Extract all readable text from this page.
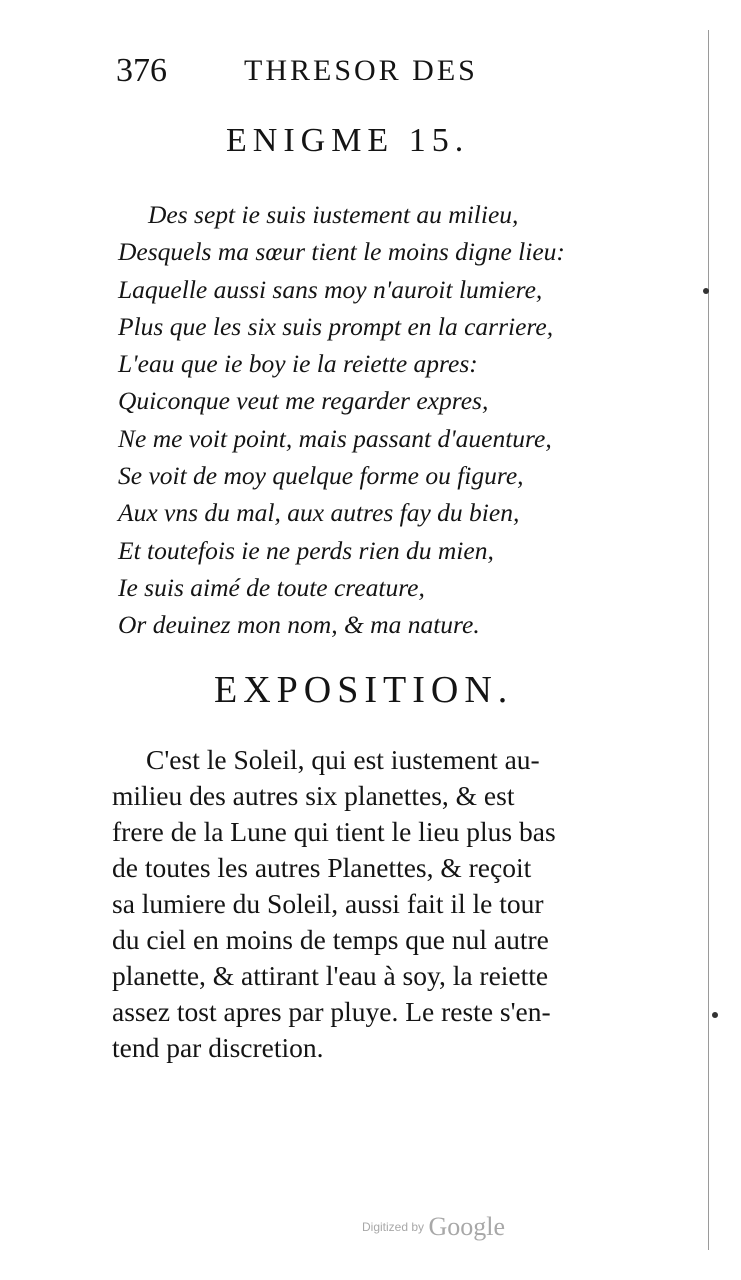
376	THRESOR DES
ENIGME 15.
Des sept ie suis iustement au milieu,
Desquels ma sœur tient le moins digne lieu:
Laquelle aussi sans moy n'auroit lumiere,
Plus que les six suis prompt en la carriere,
L'eau que ie boy ie la reiette apres:
Quiconque veut me regarder expres,
Ne me voit point, mais passant d'auenture,
Se voit de moy quelque forme ou figure,
Aux vns du mal, aux autres fay du bien,
Et toutefois ie ne perds rien du mien,
Ie suis aimé de toute creature,
Or deuinez mon nom, & ma nature.
EXPOSITION.
C'est le Soleil, qui est iustement au-
milieu des autres six planettes, & est
frere de la Lune qui tient le lieu plus bas
de toutes les autres Planettes, & reçoit
sa lumiere du Soleil, aussi fait il le tour
du ciel en moins de temps que nul autre
planette, & attirant l'eau à soy, la reiette
assez tost apres par pluye. Le reste s'en-
tend par discretion.
Digitized by Google
